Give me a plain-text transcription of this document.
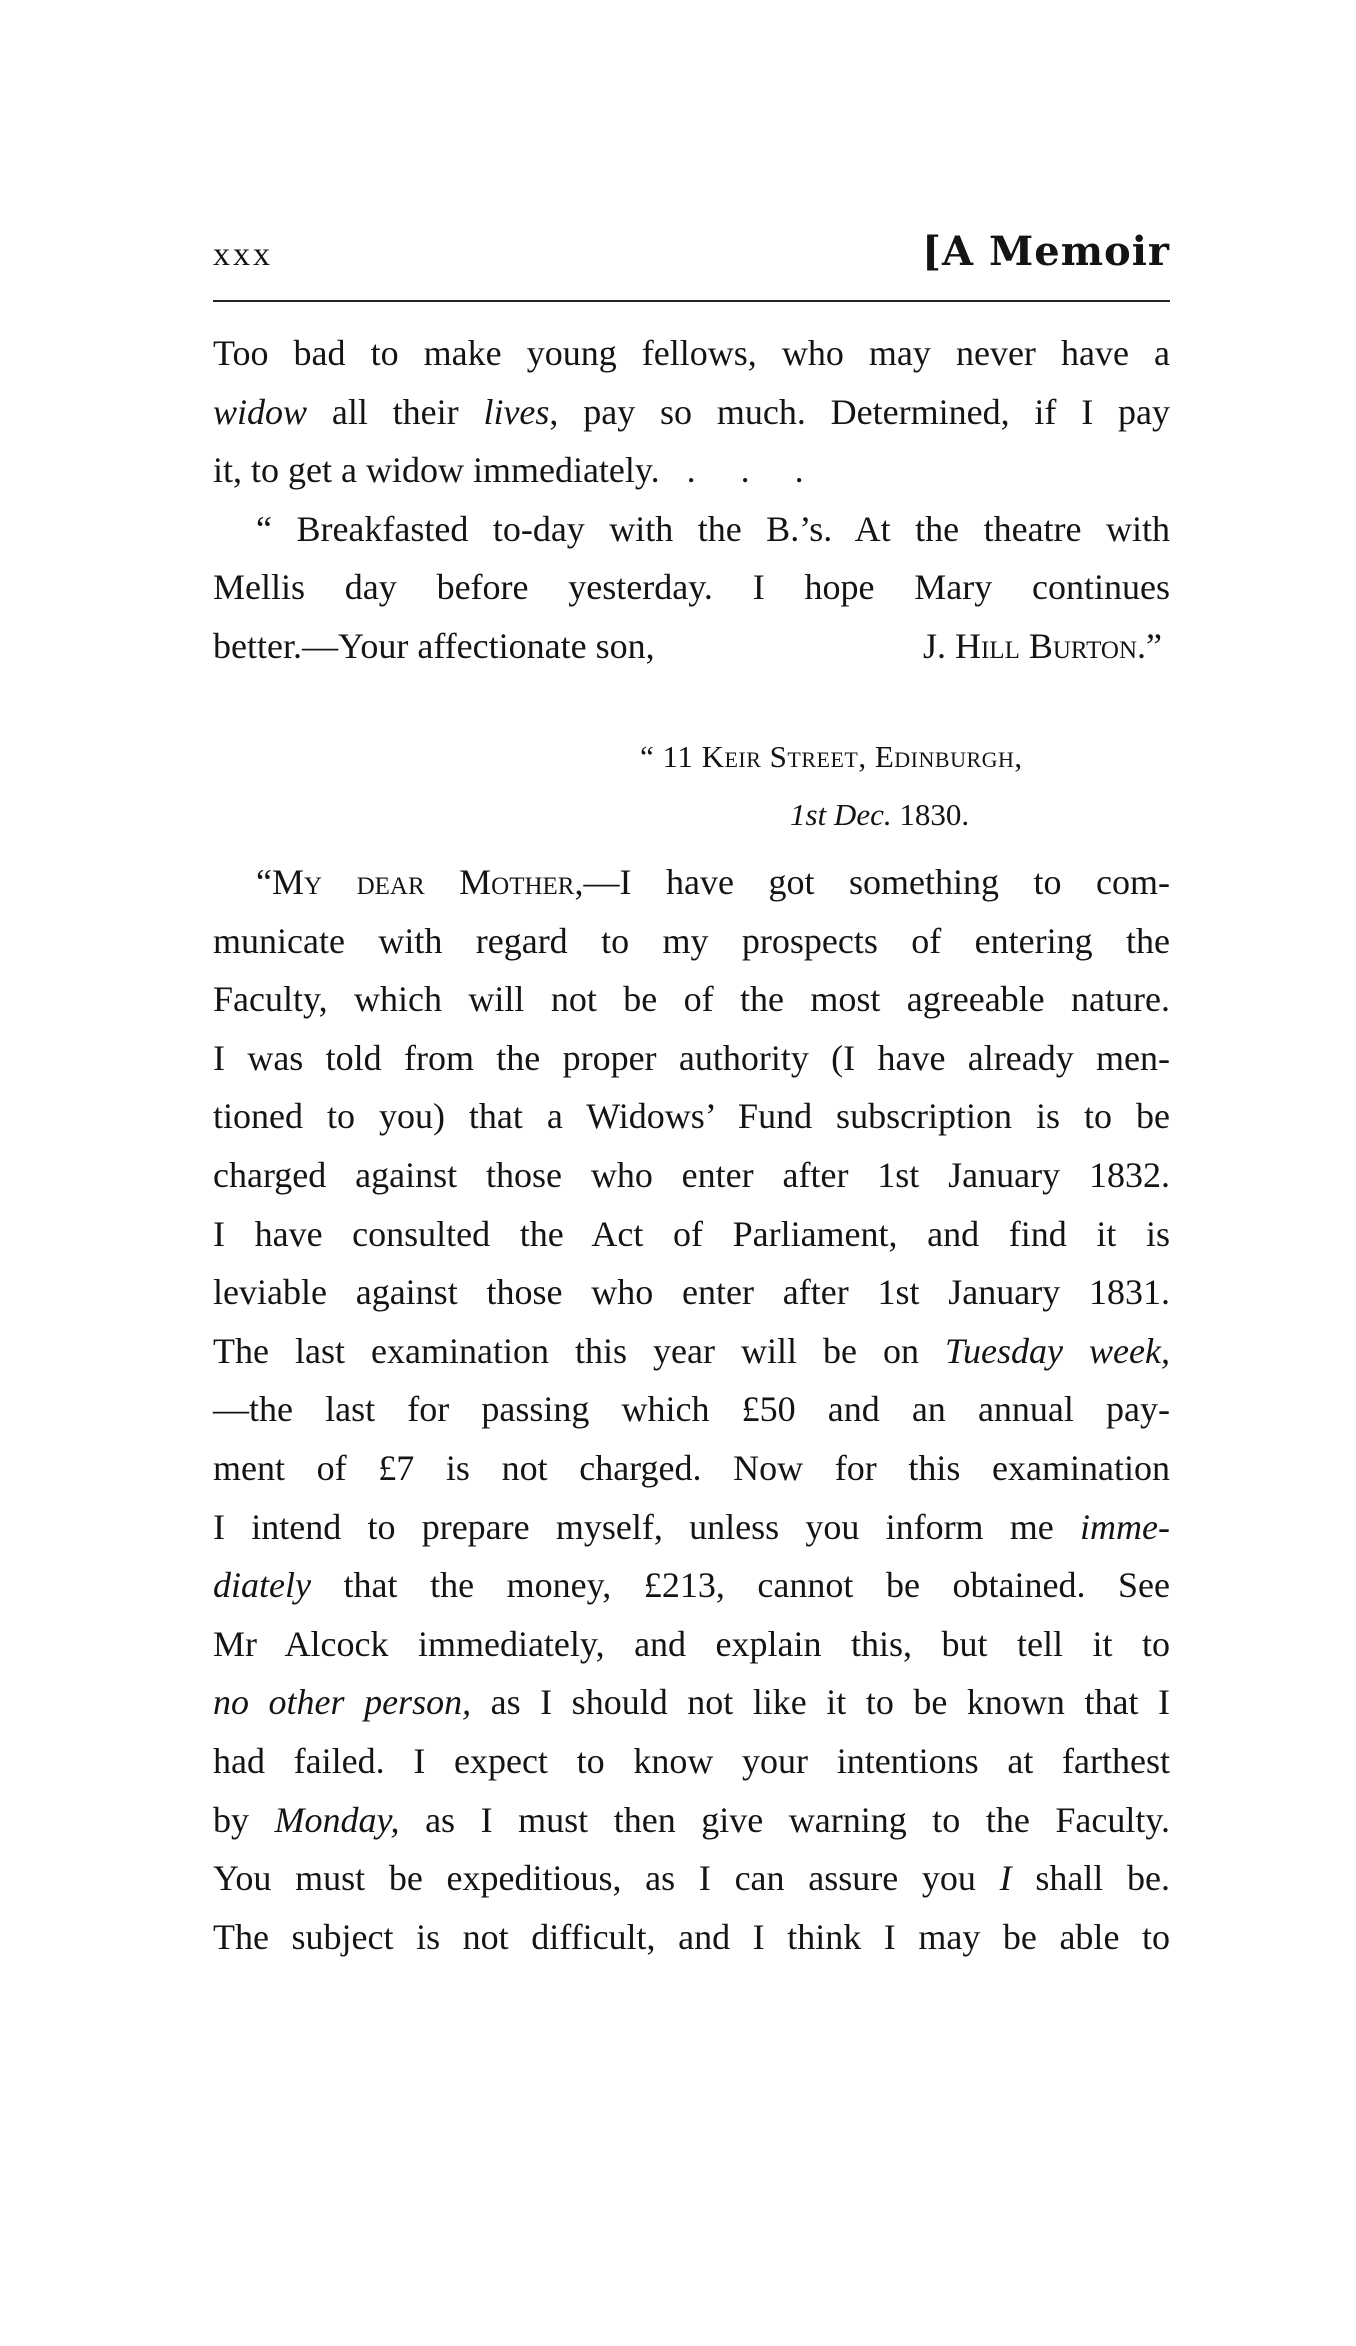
xxx	[A Memoir
Too bad to make young fellows, who may never have a
widow all their lives, pay so much. Determined, if I pay
it, to get a widow immediately. . . .
“ Breakfasted to-day with the B.’s. At the theatre with
Mellis day before yesterday. I hope Mary continues
better.—Your affectionate son,	J. Hill Burton.”
“ 11 Keir Street, Edinburgh,
1st Dec. 1830.
“My dear Mother,—I have got something to com-
municate with regard to my prospects of entering the
Faculty, which will not be of the most agreeable nature.
I was told from the proper authority (I have already men-
tioned to you) that a Widows’ Fund subscription is to be
charged against those who enter after 1st January 1832.
I have consulted the Act of Parliament, and find it is
leviable against those who enter after 1st January 1831.
The last examination this year will be on Tuesday week,
—the last for passing which £50 and an annual pay-
ment of £7 is not charged. Now for this examination
I intend to prepare myself, unless you inform me imme-
diately that the money, £213, cannot be obtained. See
Mr Alcock immediately, and explain this, but tell it to
no other person, as I should not like it to be known that I
had failed. I expect to know your intentions at farthest
by Monday, as I must then give warning to the Faculty.
You must be expeditious, as I can assure you I shall be.
The subject is not difficult, and I think I may be able to
